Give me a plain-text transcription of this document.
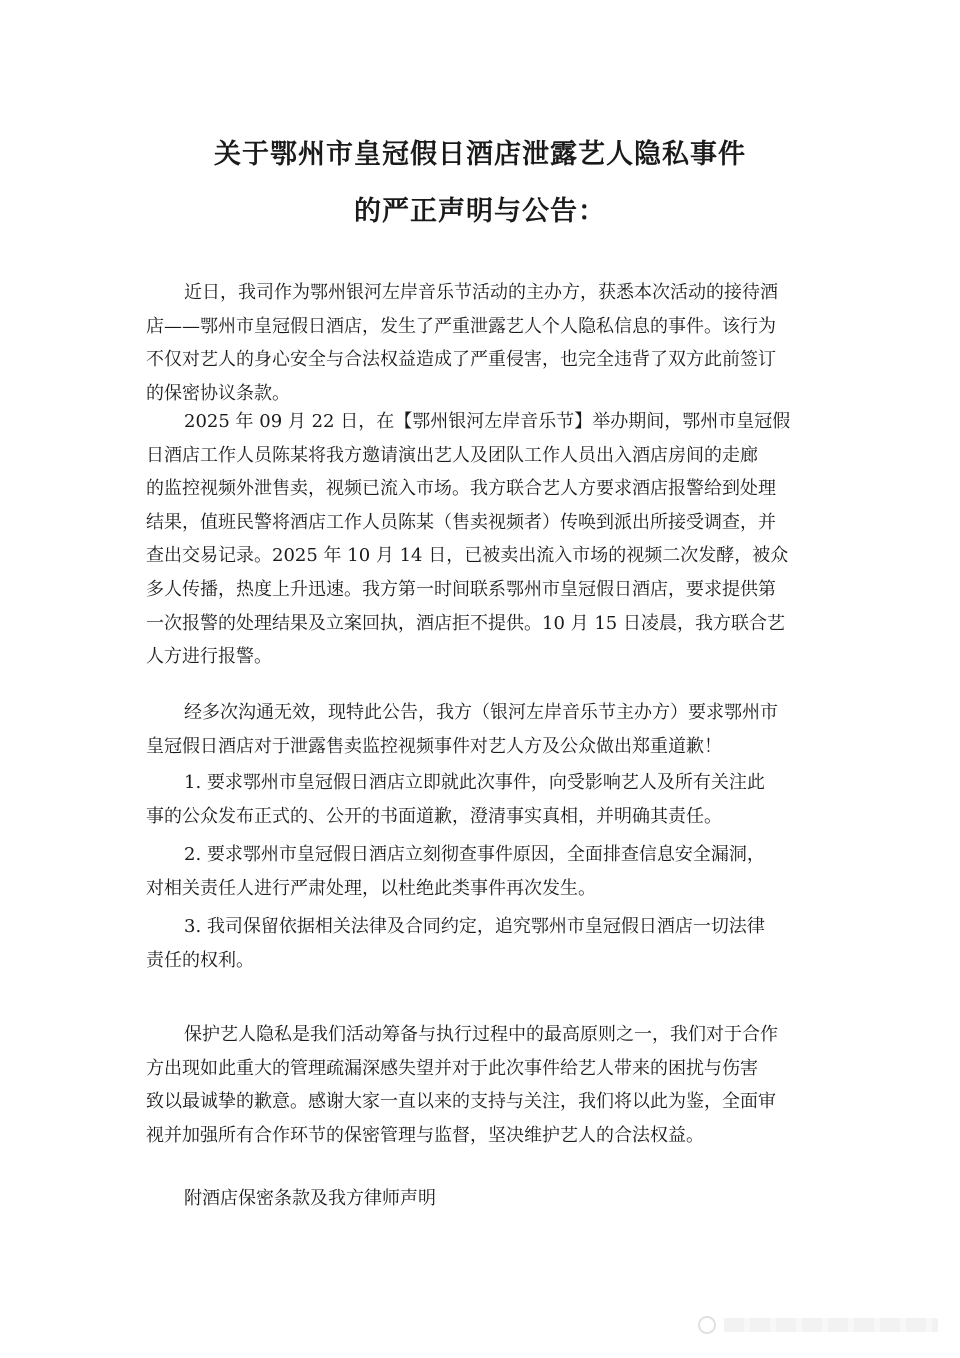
关于鄂州市皇冠假日酒店泄露艺人隐私事件
的严正声明与公告：

近日，我司作为鄂州银河左岸音乐节活动的主办方，获悉本次活动的接待酒
店——鄂州市皇冠假日酒店，发生了严重泄露艺人个人隐私信息的事件。该行为
不仅对艺人的身心安全与合法权益造成了严重侵害，也完全违背了双方此前签订
的保密协议条款。

2025 年 09 月 22 日，在【鄂州银河左岸音乐节】举办期间，鄂州市皇冠假
日酒店工作人员陈某将我方邀请演出艺人及团队工作人员出入酒店房间的走廊
的监控视频外泄售卖，视频已流入市场。我方联合艺人方要求酒店报警给到处理
结果，值班民警将酒店工作人员陈某（售卖视频者）传唤到派出所接受调查，并
查出交易记录。2025 年 10 月 14 日，已被卖出流入市场的视频二次发酵，被众
多人传播，热度上升迅速。我方第一时间联系鄂州市皇冠假日酒店，要求提供第
一次报警的处理结果及立案回执，酒店拒不提供。10 月 15 日凌晨，我方联合艺
人方进行报警。

经多次沟通无效，现特此公告，我方（银河左岸音乐节主办方）要求鄂州市
皇冠假日酒店对于泄露售卖监控视频事件对艺人方及公众做出郑重道歉！

1. 要求鄂州市皇冠假日酒店立即就此次事件，向受影响艺人及所有关注此
事的公众发布正式的、公开的书面道歉，澄清事实真相，并明确其责任。

2. 要求鄂州市皇冠假日酒店立刻彻查事件原因，全面排查信息安全漏洞，
对相关责任人进行严肃处理，以杜绝此类事件再次发生。

3. 我司保留依据相关法律及合同约定，追究鄂州市皇冠假日酒店一切法律
责任的权利。

保护艺人隐私是我们活动筹备与执行过程中的最高原则之一，我们对于合作
方出现如此重大的管理疏漏深感失望并对于此次事件给艺人带来的困扰与伤害
致以最诚挚的歉意。感谢大家一直以来的支持与关注，我们将以此为鉴，全面审
视并加强所有合作环节的保密管理与监督，坚决维护艺人的合法权益。

附酒店保密条款及我方律师声明
